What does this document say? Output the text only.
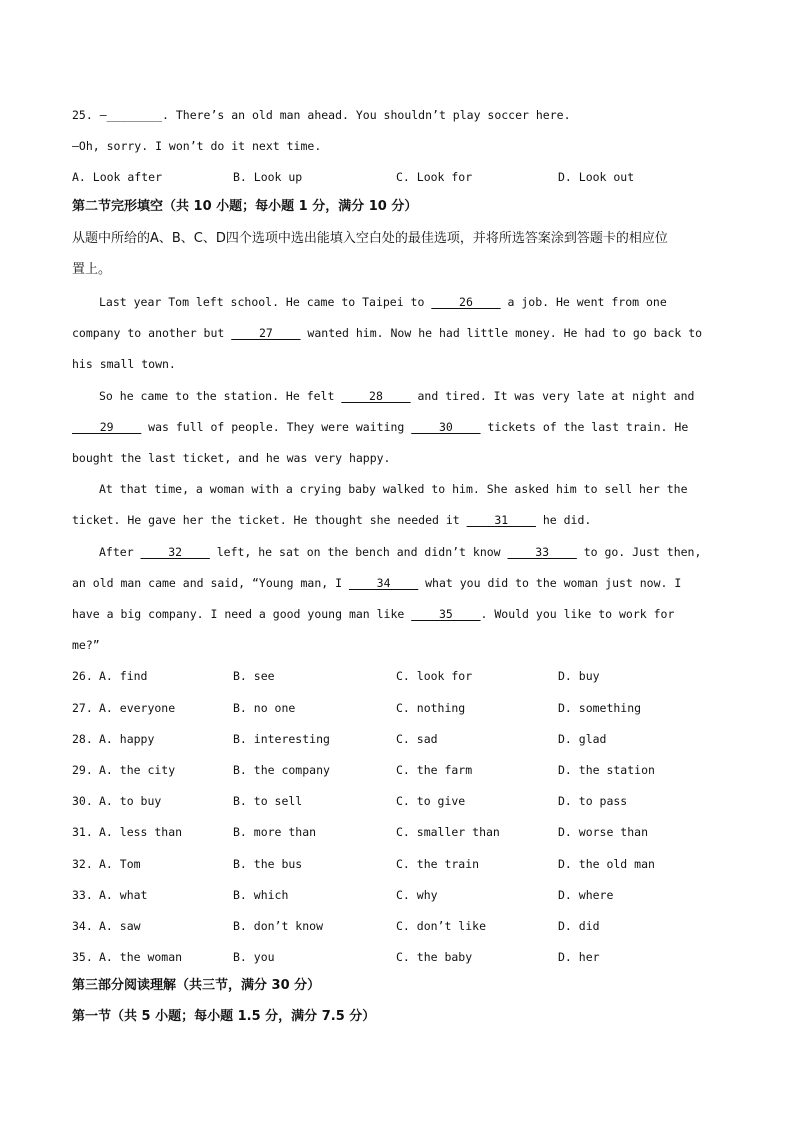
25. —________. There’s an old man ahead. You shouldn’t play soccer here.
—Oh, sorry. I won’t do it next time.
A. Look after	B. Look up	C. Look for	D. Look out
第二节完形填空（共 10 小题；每小题 1 分，满分 10 分）
从题中所给的A、B、C、D四个选项中选出能填入空白处的最佳选项，并将所选答案涂到答题卡的相应位
置上。
Last year Tom left school. He came to Taipei to ____26____ a job. He went from one
company to another but ____27____ wanted him. Now he had little money. He had to go back to
his small town.
So he came to the station. He felt ____28____ and tired. It was very late at night and
____29____ was full of people. They were waiting ____30____ tickets of the last train. He
bought the last ticket, and he was very happy.
At that time, a woman with a crying baby walked to him. She asked him to sell her the
ticket. He gave her the ticket. He thought she needed it ____31____ he did.
After ____32____ left, he sat on the bench and didn’t know ____33____ to go. Just then,
an old man came and said, “Young man, I ____34____ what you did to the woman just now. I
have a big company. I need a good young man like ____35____. Would you like to work for
me?”
26. A. find	B. see	C. look for	D. buy
27. A. everyone	B. no one	C. nothing	D. something
28. A. happy	B. interesting	C. sad	D. glad
29. A. the city	B. the company	C. the farm	D. the station
30. A. to buy	B. to sell	C. to give	D. to pass
31. A. less than	B. more than	C. smaller than	D. worse than
32. A. Tom	B. the bus	C. the train	D. the old man
33. A. what	B. which	C. why	D. where
34. A. saw	B. don’t know	C. don’t like	D. did
35. A. the woman	B. you	C. the baby	D. her
第三部分阅读理解（共三节，满分 30 分）
第一节（共 5 小题；每小题 1.5 分，满分 7.5 分）
